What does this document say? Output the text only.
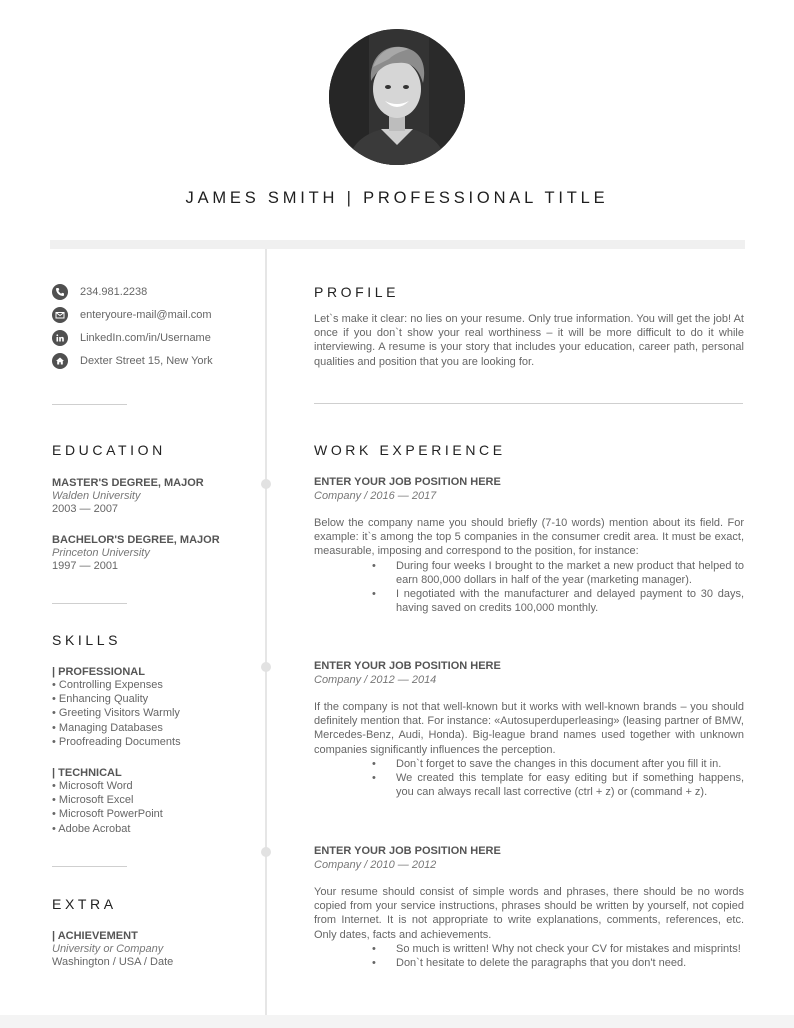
JAMES SMITH | PROFESSIONAL TITLE
234.981.2238
enteryoure-mail@mail.com
LinkedIn.com/in/Username
Dexter Street 15, New York
EDUCATION
MASTER'S DEGREE, MAJOR
Walden University
2003 — 2007
BACHELOR'S DEGREE, MAJOR
Princeton University
1997 — 2001
SKILLS
| PROFESSIONAL
• Controlling Expenses
• Enhancing Quality
• Greeting Visitors Warmly
• Managing Databases
• Proofreading Documents
| TECHNICAL
• Microsoft Word
• Microsoft Excel
• Microsoft PowerPoint
• Adobe Acrobat
EXTRA
| ACHIEVEMENT
University or Company
Washington / USA / Date
PROFILE
Let`s make it clear: no lies on your resume. Only true information. You will get the job! At once if you don`t show your real worthiness – it will be more difficult to do it while interviewing. A resume is your story that includes your education, career path, personal qualities and position that you are looking for.
WORK EXPERIENCE
ENTER YOUR JOB POSITION HERE
Company / 2016 — 2017
Below the company name you should briefly (7-10 words) mention about its field. For example: it`s among the top 5 companies in the consumer credit area. It must be exact, measurable, imposing and correspond to the position, for instance:
• During four weeks I brought to the market a new product that helped to earn 800,000 dollars in half of the year (marketing manager).
• I negotiated with the manufacturer and delayed payment to 30 days, having saved on credits 100,000 monthly.
ENTER YOUR JOB POSITION HERE
Company / 2012 — 2014
If the company is not that well-known but it works with well-known brands – you should definitely mention that. For instance: «Autosuperduperleasing» (leasing partner of BMW, Mercedes-Benz, Audi, Honda). Big-league brand names used together with unknown companies significantly influences the perception.
• Don`t forget to save the changes in this document after you fill it in.
• We created this template for easy editing but if something happens, you can always recall last corrective (ctrl + z) or (command + z).
ENTER YOUR JOB POSITION HERE
Company / 2010 — 2012
Your resume should consist of simple words and phrases, there should be no words copied from your service instructions, phrases should be written by yourself, not copied from Internet. It is not appropriate to write explanations, comments, references, etc. Only dates, facts and achievements.
• So much is written! Why not check your CV for mistakes and misprints!
• Don`t hesitate to delete the paragraphs that you don't need.
